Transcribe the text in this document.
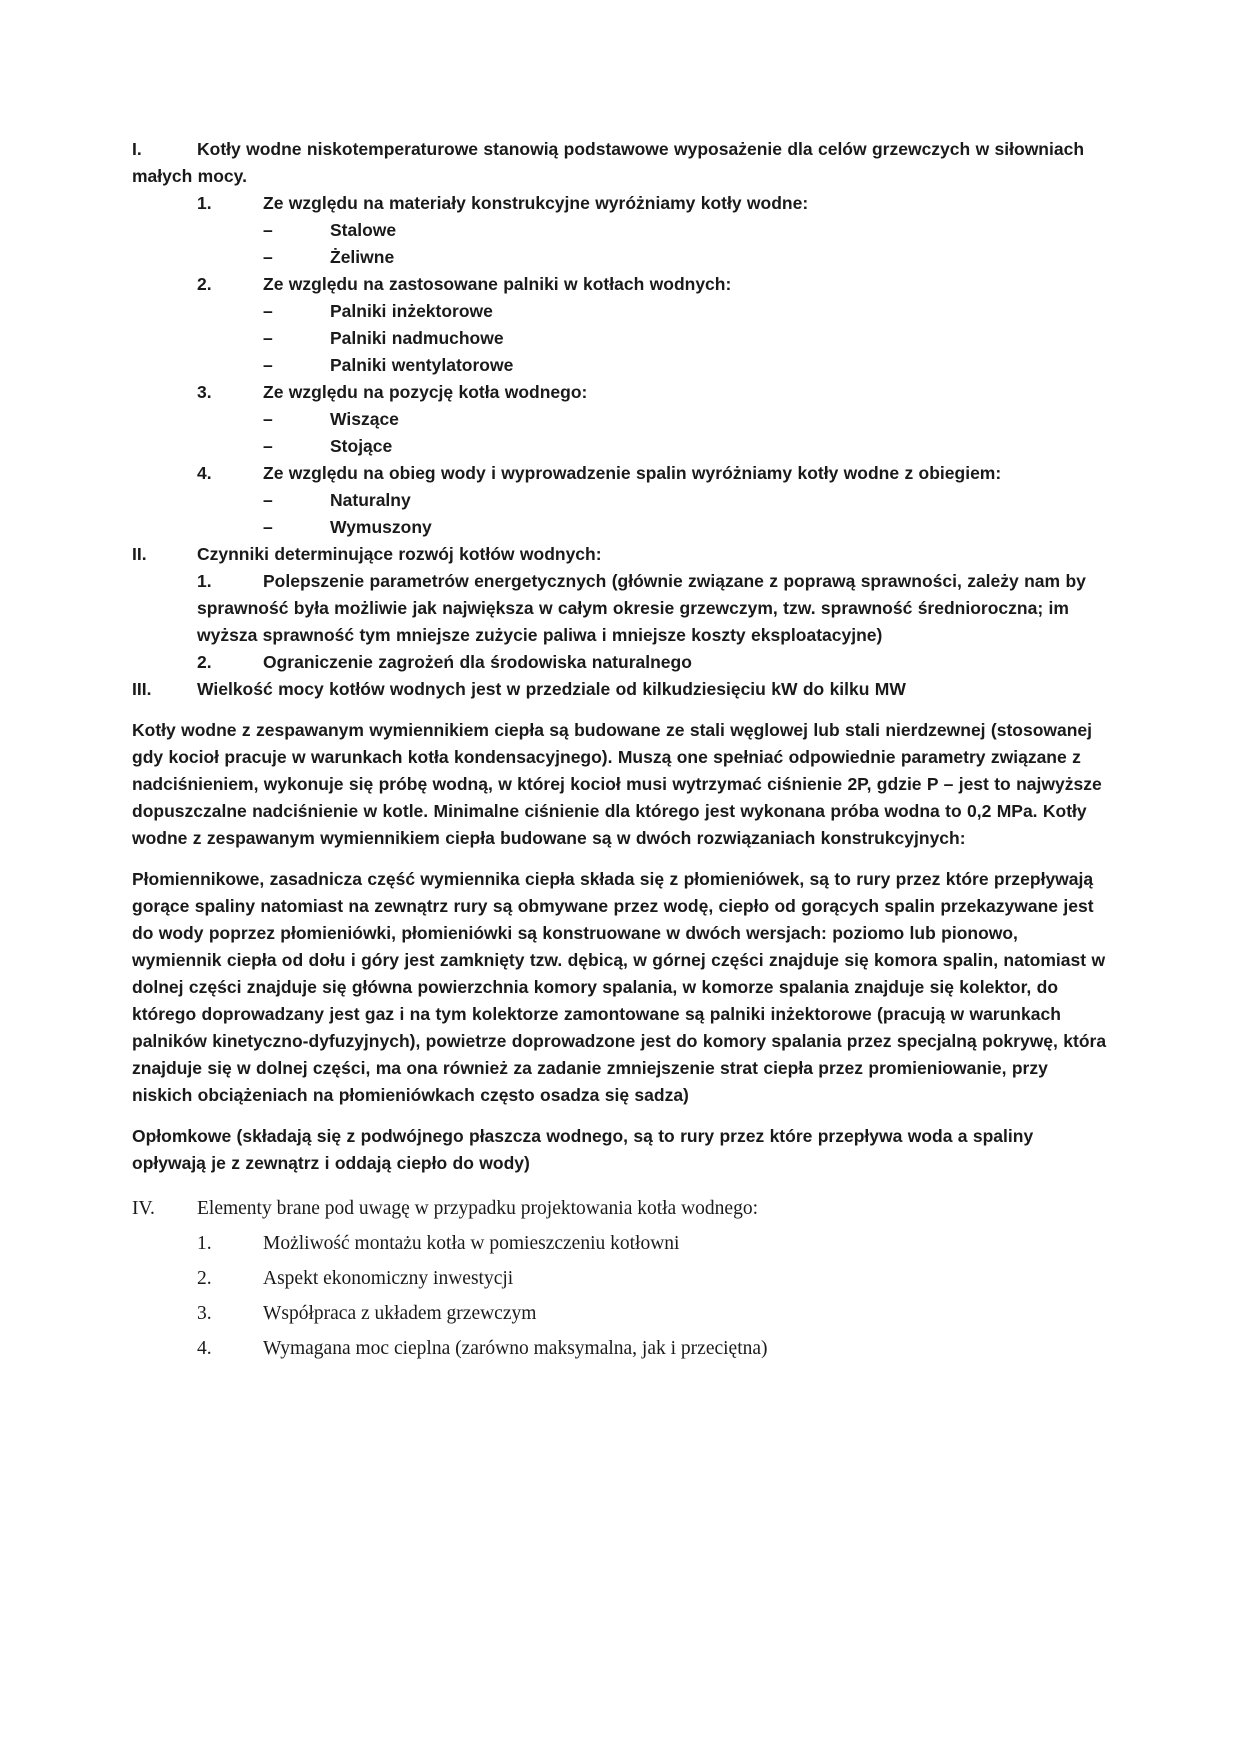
I.	Kotły wodne niskotemperaturowe stanowią podstawowe wyposażenie dla celów grzewczych w siłowniach małych mocy.
1.	Ze względu na materiały konstrukcyjne wyróżniamy kotły wodne:
–	Stalowe
–	Żeliwne
2.	Ze względu na zastosowane palniki w kotłach wodnych:
–	Palniki inżektorowe
–	Palniki nadmuchowe
–	Palniki wentylatorowe
3.	Ze względu na pozycję kotła wodnego:
–	Wiszące
–	Stojące
4.	Ze względu na obieg wody i wyprowadzenie spalin wyróżniamy kotły wodne z obiegiem:
–	Naturalny
–	Wymuszony
II.	Czynniki determinujące rozwój kotłów wodnych:
1.	Polepszenie parametrów energetycznych (głównie związane z poprawą sprawności, zależy nam by sprawność była możliwie jak największa w całym okresie grzewczym, tzw. sprawność średnioroczna; im wyższa sprawność tym mniejsze zużycie paliwa i mniejsze koszty eksploatacyjne)
2.	Ograniczenie zagrożeń dla środowiska naturalnego
III.	Wielkość mocy kotłów wodnych jest w przedziale od kilkudziesięciu kW do kilku MW
Kotły wodne z zespawanym wymiennikiem ciepła są budowane ze stali węglowej lub stali nierdzewnej (stosowanej gdy kocioł pracuje w warunkach kotła kondensacyjnego). Muszą one spełniać odpowiednie parametry związane z nadciśnieniem, wykonuje się próbę wodną, w której kocioł musi wytrzymać ciśnienie 2P, gdzie P – jest to najwyższe dopuszczalne nadciśnienie w kotle. Minimalne ciśnienie dla którego jest wykonana próba wodna to 0,2 MPa. Kotły wodne z zespawanym wymiennikiem ciepła budowane są w dwóch rozwiązaniach konstrukcyjnych:
Płomiennikowe, zasadnicza część wymiennika ciepła składa się z płomieniówek, są to rury przez które przepływają gorące spaliny natomiast na zewnątrz rury są obmywane przez wodę, ciepło od gorących spalin przekazywane jest do wody poprzez płomieniówki, płomieniówki są konstruowane w dwóch wersjach: poziomo lub pionowo, wymiennik ciepła od dołu i góry jest zamknięty tzw. dębicą, w górnej części znajduje się komora spalin, natomiast w dolnej części znajduje się główna powierzchnia komory spalania, w komorze spalania znajduje się kolektor, do którego doprowadzany jest gaz i na tym kolektorze zamontowane są palniki inżektorowe (pracują w warunkach palników kinetyczno-dyfuzyjnych), powietrze doprowadzone jest do komory spalania przez specjalną pokrywę, która znajduje się w dolnej części, ma ona również za zadanie zmniejszenie strat ciepła przez promieniowanie, przy niskich obciążeniach na płomieniówkach często osadza się sadza)
Opłomkowe (składają się z podwójnego płaszcza wodnego, są to rury przez które przepływa woda a spaliny opływają je z zewnątrz i oddają ciepło do wody)
IV. Elementy brane pod uwagę w przypadku projektowania kotła wodnego:
1.	Możliwość montażu kotła w pomieszczeniu kotłowni
2.	Aspekt ekonomiczny inwestycji
3.	Współpraca z układem grzewczym
4.	Wymagana moc cieplna (zarówno maksymalna, jak i przeciętna)
